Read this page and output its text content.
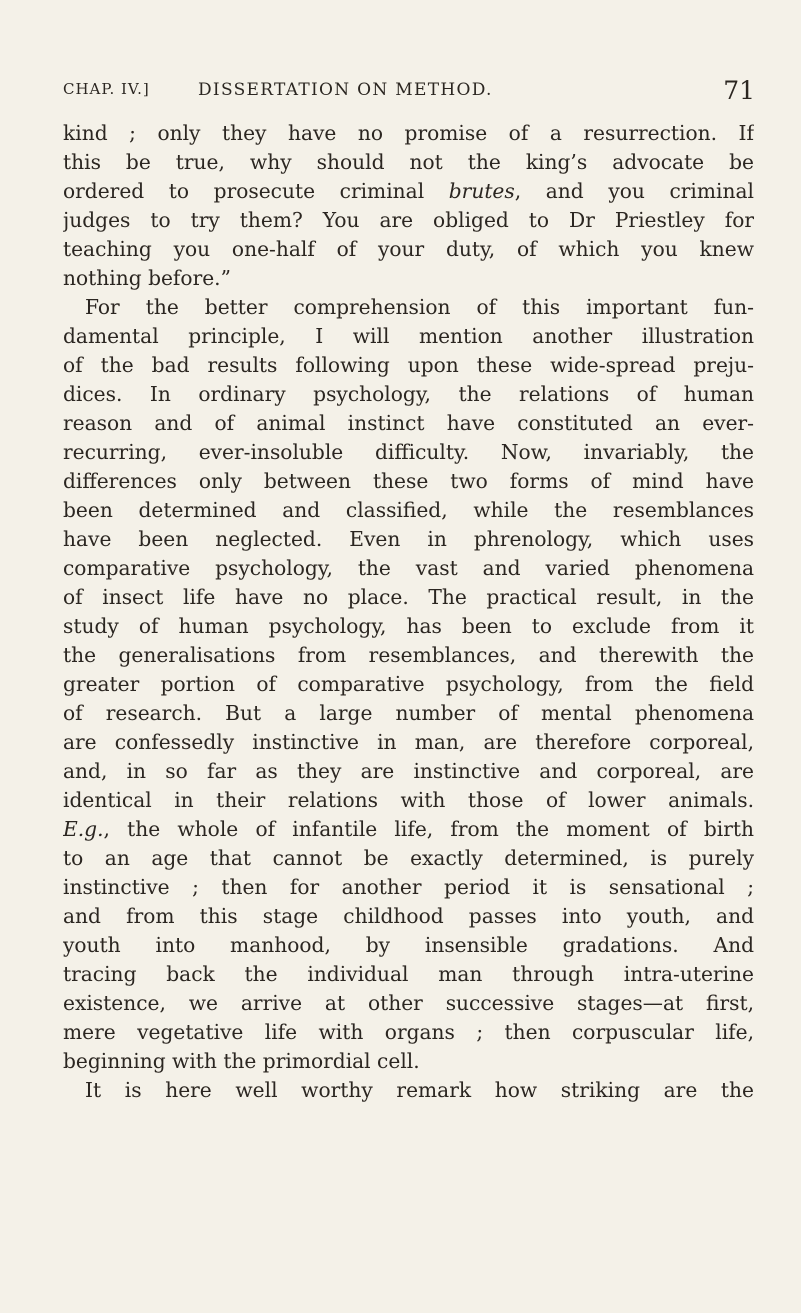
CHAP. IV.]	DISSERTATION ON METHOD.	71
kind ; only they have no promise of a resurrection. If
this be true, why should not the king’s advocate be
ordered to prosecute criminal brutes, and you criminal
judges to try them? You are obliged to Dr Priestley for
teaching you one-half of your duty, of which you knew
nothing before.”
For the better comprehension of this important fun-
damental principle, I will mention another illustration
of the bad results following upon these wide-spread preju-
dices. In ordinary psychology, the relations of human
reason and of animal instinct have constituted an ever-
recurring, ever-insoluble difficulty. Now, invariably, the
differences only between these two forms of mind have
been determined and classified, while the resemblances
have been neglected. Even in phrenology, which uses
comparative psychology, the vast and varied phenomena
of insect life have no place. The practical result, in the
study of human psychology, has been to exclude from it
the generalisations from resemblances, and therewith the
greater portion of comparative psychology, from the field
of research. But a large number of mental phenomena
are confessedly instinctive in man, are therefore corporeal,
and, in so far as they are instinctive and corporeal, are
identical in their relations with those of lower animals.
E.g., the whole of infantile life, from the moment of birth
to an age that cannot be exactly determined, is purely
instinctive ; then for another period it is sensational ;
and from this stage childhood passes into youth, and
youth into manhood, by insensible gradations. And
tracing back the individual man through intra-uterine
existence, we arrive at other successive stages—at first,
mere vegetative life with organs ; then corpuscular life,
beginning with the primordial cell.
It is here well worthy remark how striking are the
